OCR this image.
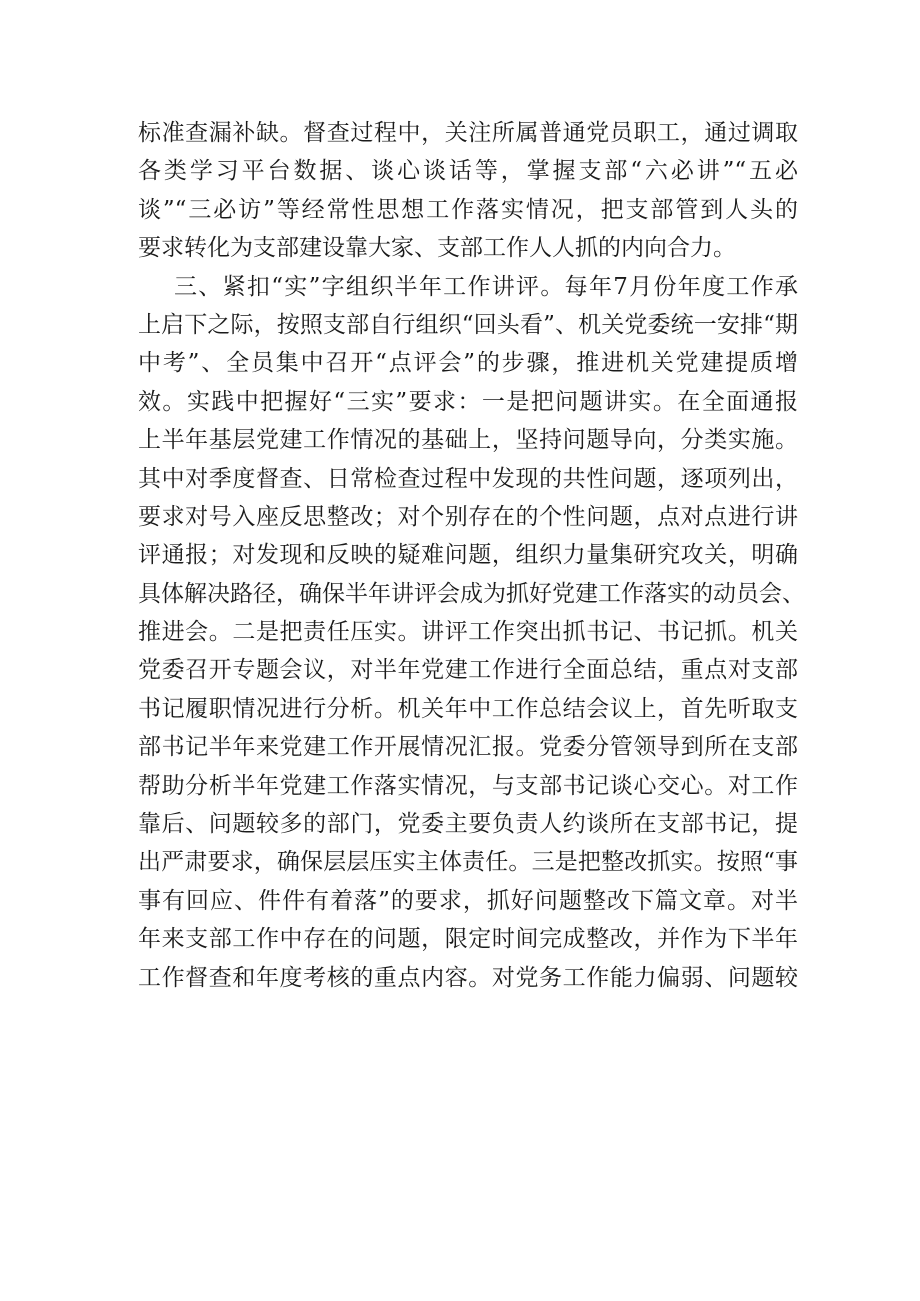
标准查漏补缺。督查过程中，关注所属普通党员职工，通过调取
各类学习平台数据、谈心谈话等，掌握支部“六必讲”“五必
谈”“三必访”等经常性思想工作落实情况，把支部管到人头的
要求转化为支部建设靠大家、支部工作人人抓的内向合力。
三、紧扣“实”字组织半年工作讲评。每年7月份年度工作承
上启下之际，按照支部自行组织“回头看”、机关党委统一安排“期
中考”、全员集中召开“点评会”的步骤，推进机关党建提质增
效。实践中把握好“三实”要求：一是把问题讲实。在全面通报
上半年基层党建工作情况的基础上，坚持问题导向，分类实施。
其中对季度督查、日常检查过程中发现的共性问题，逐项列出，
要求对号入座反思整改；对个别存在的个性问题，点对点进行讲
评通报；对发现和反映的疑难问题，组织力量集研究攻关，明确
具体解决路径，确保半年讲评会成为抓好党建工作落实的动员会、
推进会。二是把责任压实。讲评工作突出抓书记、书记抓。机关
党委召开专题会议，对半年党建工作进行全面总结，重点对支部
书记履职情况进行分析。机关年中工作总结会议上，首先听取支
部书记半年来党建工作开展情况汇报。党委分管领导到所在支部
帮助分析半年党建工作落实情况，与支部书记谈心交心。对工作
靠后、问题较多的部门，党委主要负责人约谈所在支部书记，提
出严肃要求，确保层层压实主体责任。三是把整改抓实。按照“事
事有回应、件件有着落”的要求，抓好问题整改下篇文章。对半
年来支部工作中存在的问题，限定时间完成整改，并作为下半年
工作督查和年度考核的重点内容。对党务工作能力偏弱、问题较
